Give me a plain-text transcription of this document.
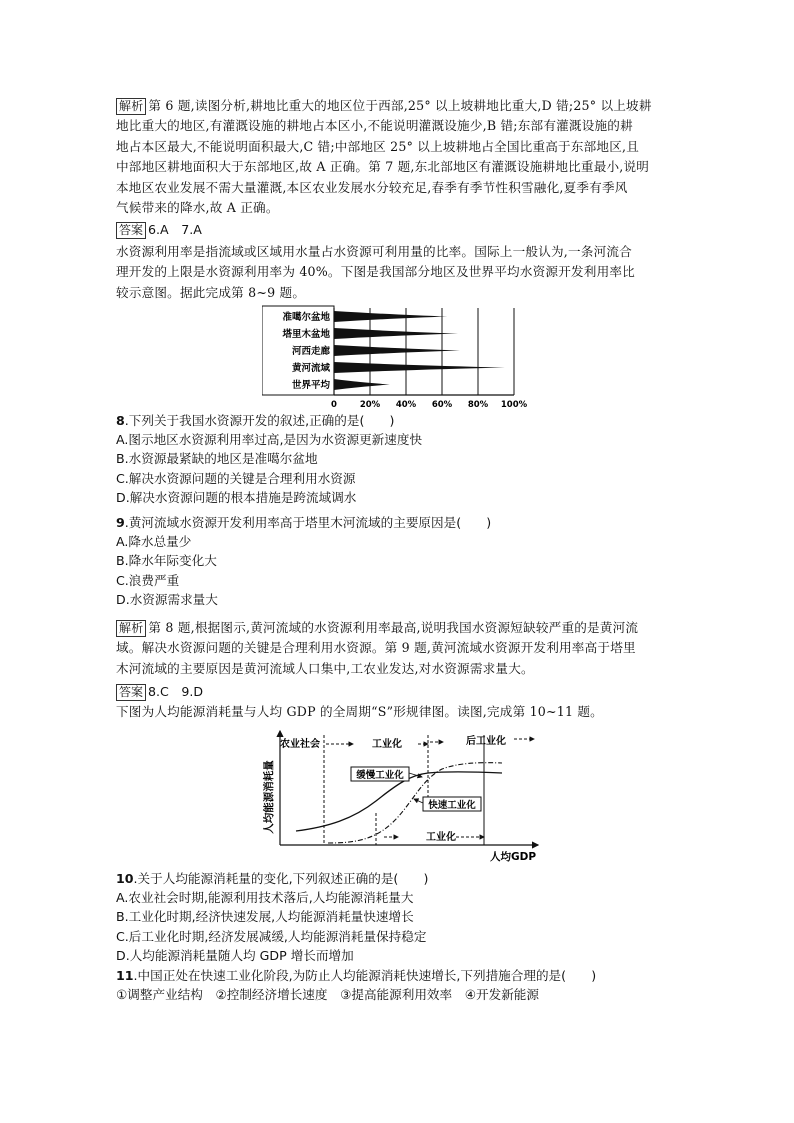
解析 第 6 题,读图分析,耕地比重大的地区位于西部,25° 以上坡耕地比重大,D 错;25° 以上坡耕
地比重大的地区,有灌溉设施的耕地占本区小,不能说明灌溉设施少,B 错;东部有灌溉设施的耕
地占本区最大,不能说明面积最大,C 错;中部地区 25° 以上坡耕地占全国比重高于东部地区,且
中部地区耕地面积大于东部地区,故 A 正确。第 7 题,东北部地区有灌溉设施耕地比重最小,说明
本地区农业发展不需大量灌溉,本区农业发展水分较充足,春季有季节性积雪融化,夏季有季风
气候带来的降水,故 A 正确。
答案 6.A　7.A
水资源利用率是指流域或区域用水量占水资源可利用量的比率。国际上一般认为,一条河流合
理开发的上限是水资源利用率为 40%。下图是我国部分地区及世界平均水资源开发利用率比
较示意图。据此完成第 8~9 题。
准噶尔盆地
塔里木盆地
河西走廊
黄河流域
世界平均
0	20% 40% 60% 80% 100%
8.下列关于我国水资源开发的叙述,正确的是(　　)
A.图示地区水资源利用率过高,是因为水资源更新速度快
B.水资源最紧缺的地区是准噶尔盆地
C.解决水资源问题的关键是合理利用水资源
D.解决水资源问题的根本措施是跨流域调水
9.黄河流域水资源开发利用率高于塔里木河流域的主要原因是(　　)
A.降水总量少
B.降水年际变化大
C.浪费严重
D.水资源需求量大
解析 第 8 题,根据图示,黄河流域的水资源利用率最高,说明我国水资源短缺较严重的是黄河流
域。解决水资源问题的关键是合理利用水资源。第 9 题,黄河流域水资源开发利用率高于塔里
木河流域的主要原因是黄河流域人口集中,工农业发达,对水资源需求量大。
答案 8.C　9.D
下图为人均能源消耗量与人均 GDP 的全周期“S”形规律图。读图,完成第 10~11 题。
人均能源消耗量
人均GDP
农业社会	工业化	后工业化
工业化
缓慢工业化
快速工业化
10.关于人均能源消耗量的变化,下列叙述正确的是(　　)
A.农业社会时期,能源利用技术落后,人均能源消耗量大
B.工业化时期,经济快速发展,人均能源消耗量快速增长
C.后工业化时期,经济发展减缓,人均能源消耗量保持稳定
D.人均能源消耗量随人均 GDP 增长而增加
11.中国正处在快速工业化阶段,为防止人均能源消耗快速增长,下列措施合理的是(　　)
①调整产业结构　②控制经济增长速度　③提高能源利用效率　④开发新能源
